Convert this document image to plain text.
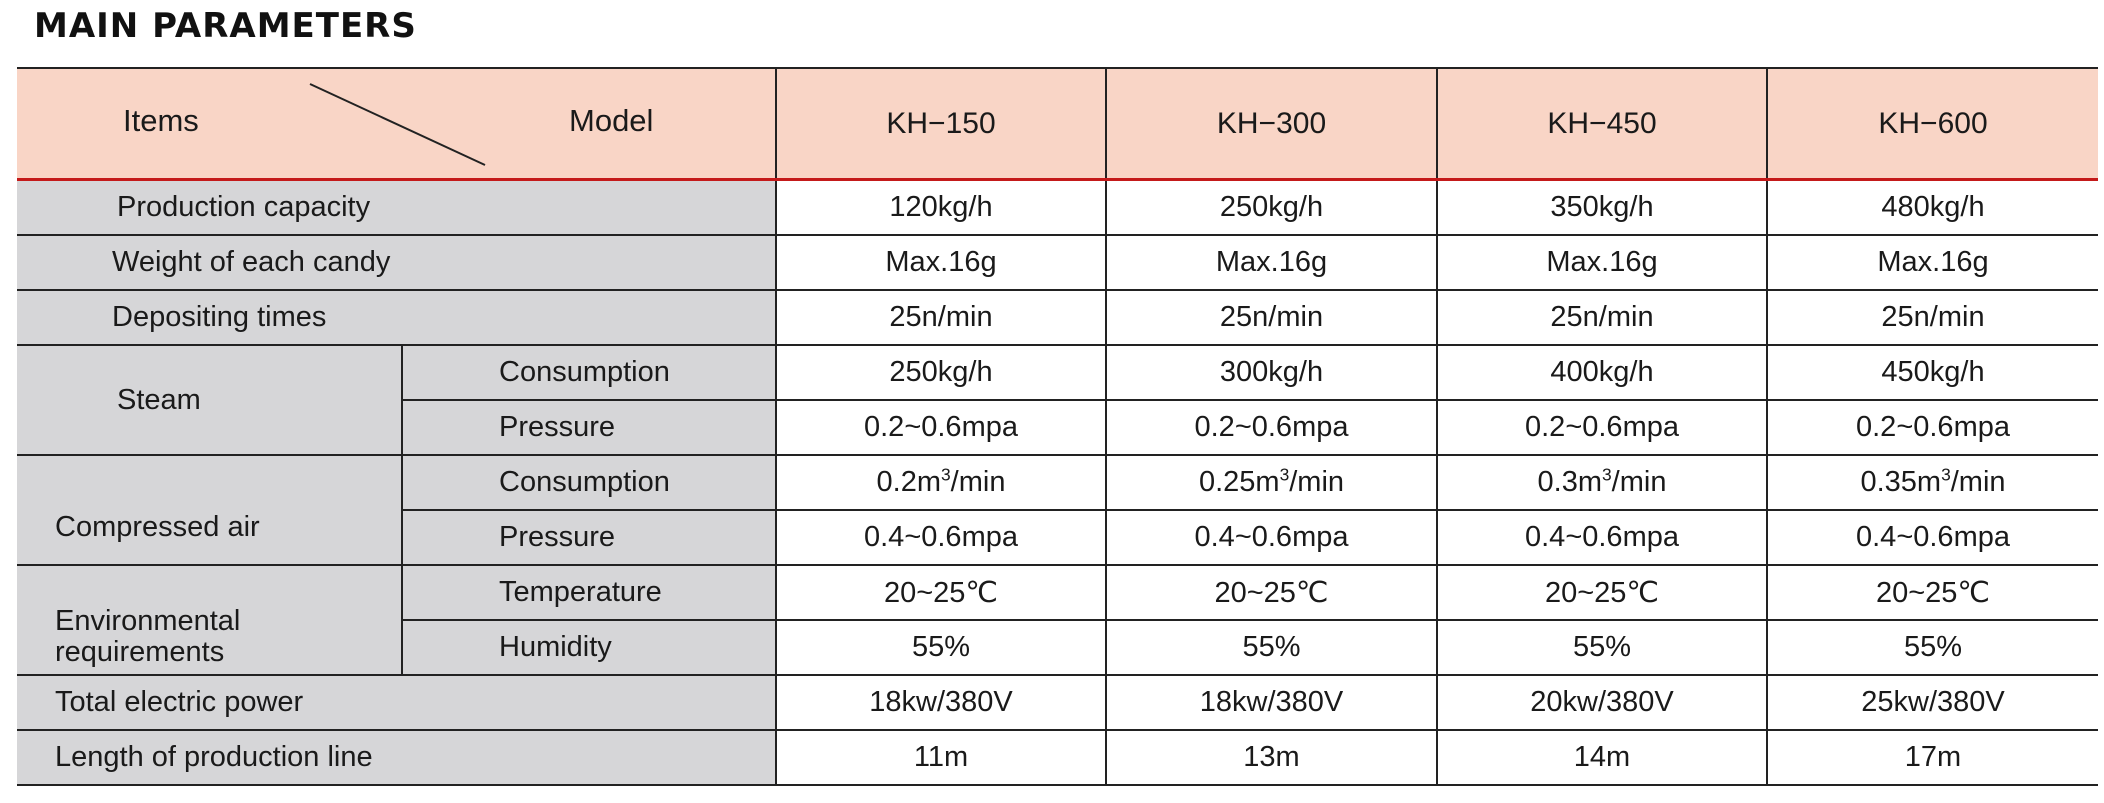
MAIN PARAMETERS
Items Model		KH−150	KH−300	KH−450	KH−600
Production capacity		120kg/h	250kg/h	350kg/h	480kg/h
Weight of each candy		Max.16g	Max.16g	Max.16g	Max.16g
Depositing times		25n/min	25n/min	25n/min	25n/min
Steam	Consumption	250kg/h	300kg/h	400kg/h	450kg/h
	Pressure	0.2~0.6mpa	0.2~0.6mpa	0.2~0.6mpa	0.2~0.6mpa
Compressed air	Consumption	$0.2m^3/\min$	$0.25m^3/\min$	$0.3m^3/\min$	$0.35m^3/\min$
	Pressure	0.4~0.6mpa	0.4~0.6mpa	0.4~0.6mpa	0.4~0.6mpa
Environmental requirements	Temperature	20~25℃	20~25℃	20~25℃	20~25℃
	Humidity	55%	55%	55%	55%
Total electric power		18kw/380V	18kw/380V	20kw/380V	25kw/380V
Length of production line		11m	13m	14m	17m
